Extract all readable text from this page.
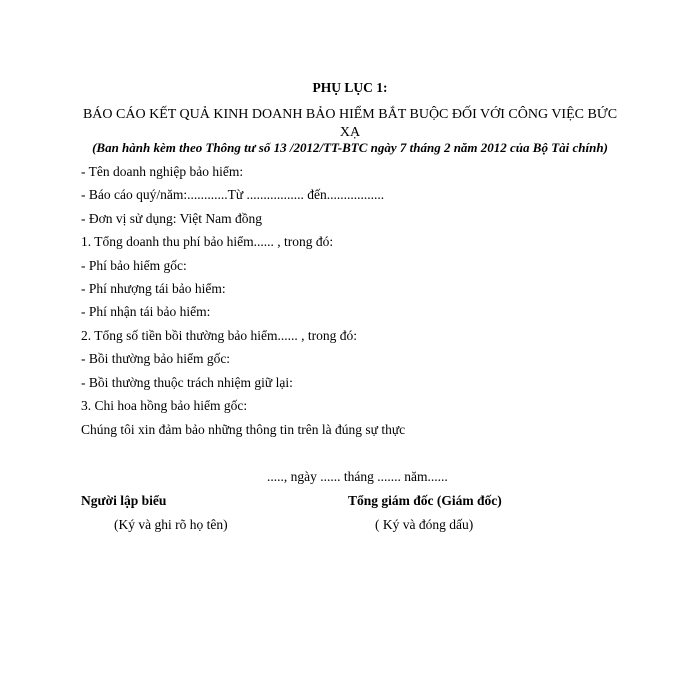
PHỤ LỤC 1:
BÁO CÁO KẾT QUẢ KINH DOANH BẢO HIỂM BẮT BUỘC ĐỐI VỚI CÔNG VIỆC BỨC XẠ
(Ban hành kèm theo Thông tư số 13 /2012/TT-BTC ngày 7 tháng 2 năm 2012 của Bộ Tài chính)
- Tên doanh nghiệp bảo hiểm:
- Báo cáo quý/năm:............Từ ................. đến.................
- Đơn vị sử dụng: Việt Nam đồng
1. Tổng doanh thu phí bảo hiểm...... , trong đó:
- Phí bảo hiểm gốc:
- Phí nhượng tái bảo hiểm:
- Phí nhận tái bảo hiểm:
2. Tổng số tiền bồi thường bảo hiểm...... , trong đó:
- Bồi thường bảo hiểm gốc:
- Bồi thường thuộc trách nhiệm giữ lại:
3. Chi hoa hồng bảo hiểm gốc:
Chúng tôi xin đảm bảo những thông tin trên là đúng sự thực
....., ngày ...... tháng ....... năm......
Người lập biểu
(Ký và ghi rõ họ tên)
Tổng giám đốc (Giám đốc)
( Ký và đóng dấu)
